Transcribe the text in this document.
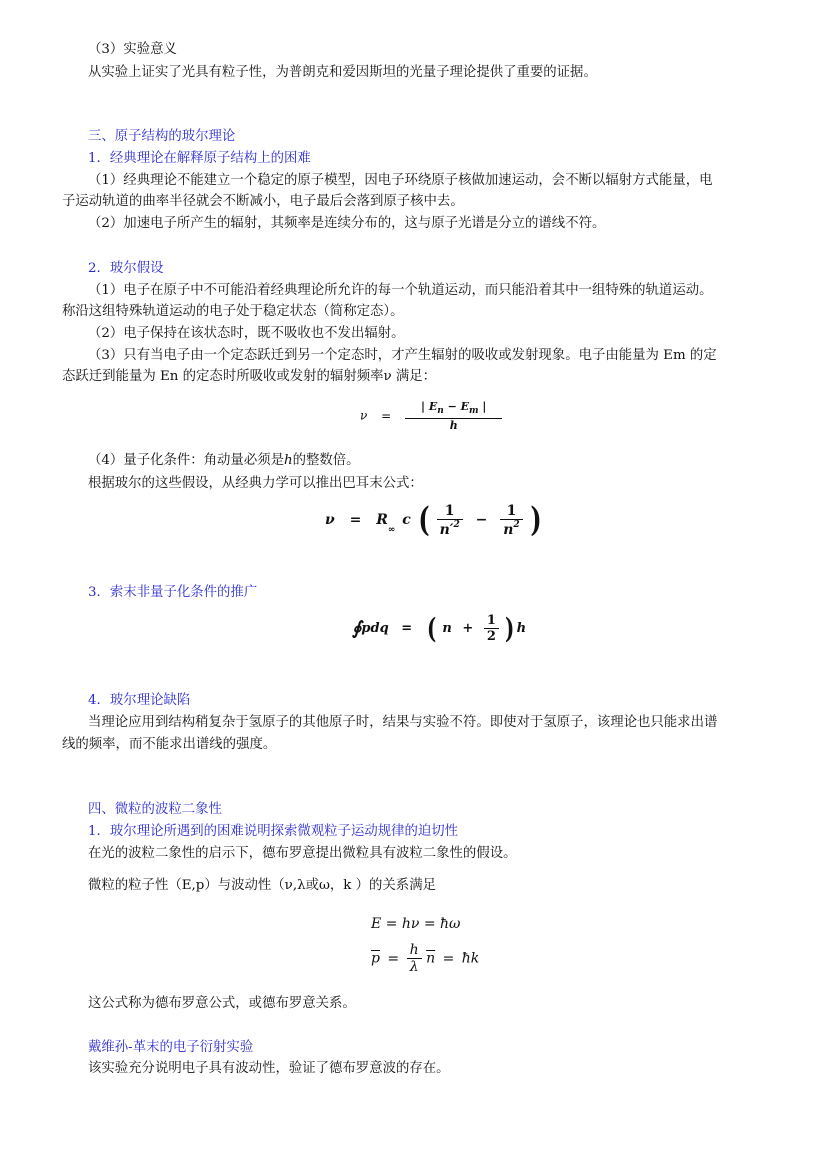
（3）实验意义
从实验上证实了光具有粒子性，为普朗克和爱因斯坦的光量子理论提供了重要的证据。
三、原子结构的玻尔理论
1．经典理论在解释原子结构上的困难
（1）经典理论不能建立一个稳定的原子模型，因电子环绕原子核做加速运动，会不断以辐射方式能量，电
子运动轨道的曲率半径就会不断减小，电子最后会落到原子核中去。
（2）加速电子所产生的辐射，其频率是连续分布的，这与原子光谱是分立的谱线不符。
2．玻尔假设
（1）电子在原子中不可能沿着经典理论所允许的每一个轨道运动，而只能沿着其中一组特殊的轨道运动。
称沿这组特殊轨道运动的电子处于稳定状态（简称定态）。
（2）电子保持在该状态时，既不吸收也不发出辐射。
（3）只有当电子由一个定态跃迁到另一个定态时，才产生辐射的吸收或发射现象。电子由能量为 Em 的定
态跃迁到能量为 En 的定态时所吸收或发射的辐射频率ν 满足：
$\nu = \frac{| E_n - E_m |}{h}$
（4）量子化条件：角动量必须是h的整数倍。
根据玻尔的这些假设，从经典力学可以推出巴耳末公式：
$\nu = R_\infty$ c ( $\frac{1}{n'^2} - \frac{1}{n^2}$ )
3．索末非量子化条件的推广
∮pdq = ( $n + \frac{1}{2}$ ) h
4．玻尔理论缺陷
当理论应用到结构稍复杂于氢原子的其他原子时，结果与实验不符。即使对于氢原子，该理论也只能求出谱
线的频率，而不能求出谱线的强度。
四、微粒的波粒二象性
1．玻尔理论所遇到的困难说明探索微观粒子运动规律的迫切性
在光的波粒二象性的启示下，德布罗意提出微粒具有波粒二象性的假设。
微粒的粒子性（E,p）与波动性（ν,λ或ω，k ）的关系满足
E = hν = ħω
$\overline{p} = \frac{h}{\lambda} \overline{n}$ = ħk
这公式称为德布罗意公式，或德布罗意关系。
戴维孙-革末的电子衍射实验
该实验充分说明电子具有波动性，验证了德布罗意波的存在。
